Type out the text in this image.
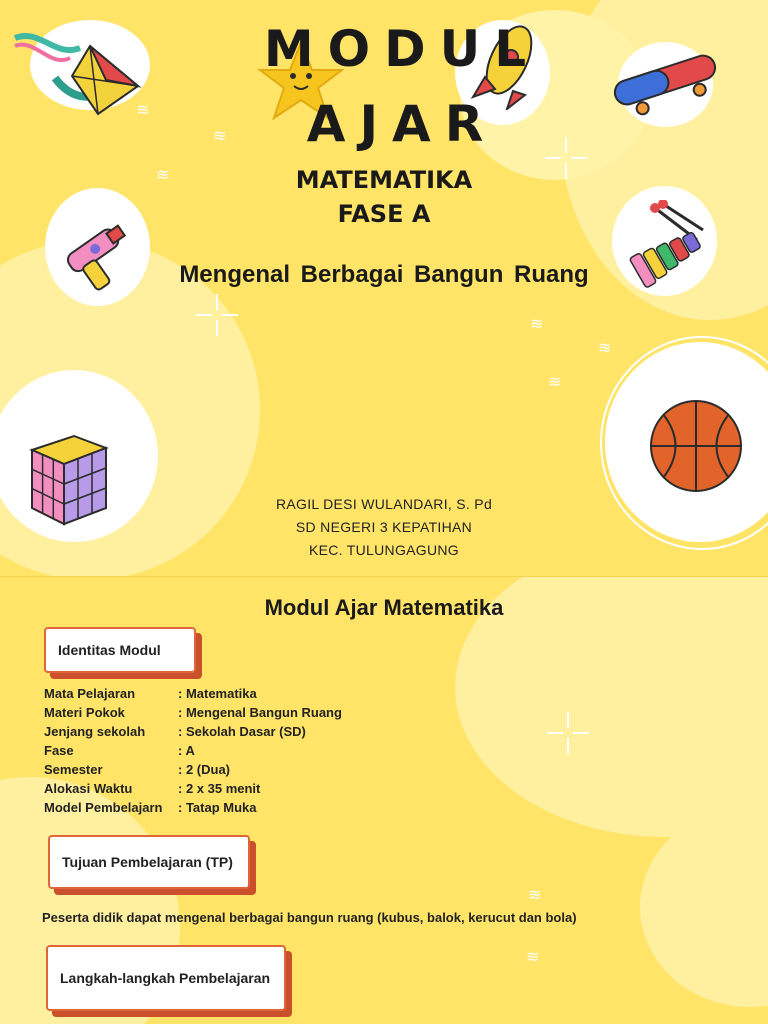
≋
≋
≋
≋
≋
≋
MODUL
AJAR
MATEMATIKA
FASE A
Mengenal Berbagai Bangun Ruang
RAGIL DESI WULANDARI, S. Pd
SD NEGERI 3 KEPATIHAN
KEC. TULUNGAGUNG
≋
≋
Modul Ajar Matematika
Identitas Modul
Mata Pelajaran	: Matematika
Materi Pokok	: Mengenal Bangun Ruang
Jenjang sekolah	: Sekolah Dasar (SD)
Fase	: A
Semester	: 2 (Dua)
Alokasi Waktu	: 2 x 35 menit
Model Pembelajarn : Tatap Muka
Tujuan Pembelajaran (TP)
Peserta didik dapat mengenal berbagai bangun ruang (kubus, balok, kerucut dan bola)
Langkah-langkah Pembelajaran
